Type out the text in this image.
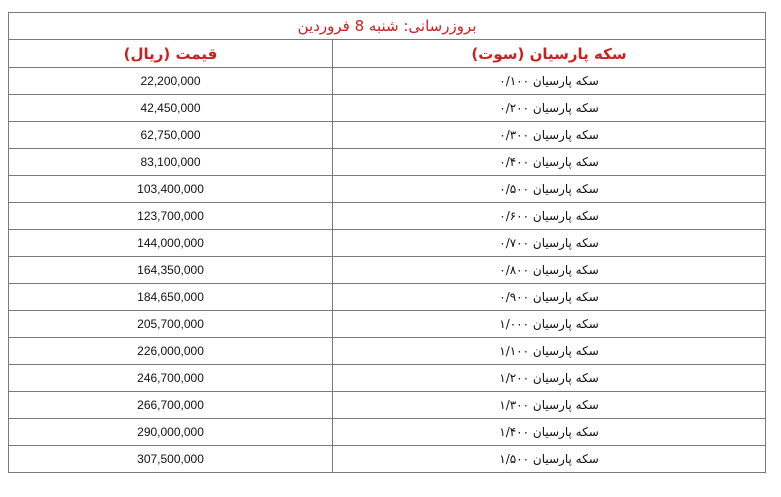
بروزرسانی: شنبه 8 فروردین	
سکه پارسیان (سوت)	قیمت (ریال)
سکه پارسیان ۰/۱۰۰	22,200,000
سکه پارسیان ۰/۲۰۰	42,450,000
سکه پارسیان ۰/۳۰۰	62,750,000
سکه پارسیان ۰/۴۰۰	83,100,000
سکه پارسیان ۰/۵۰۰	103,400,000
سکه پارسیان ۰/۶۰۰	123,700,000
سکه پارسیان ۰/۷۰۰	144,000,000
سکه پارسیان ۰/۸۰۰	164,350,000
سکه پارسیان ۰/۹۰۰	184,650,000
سکه پارسیان ۱/۰۰۰	205,700,000
سکه پارسیان ۱/۱۰۰	226,000,000
سکه پارسیان ۱/۲۰۰	246,700,000
سکه پارسیان ۱/۳۰۰	266,700,000
سکه پارسیان ۱/۴۰۰	290,000,000
سکه پارسیان ۱/۵۰۰	307,500,000
